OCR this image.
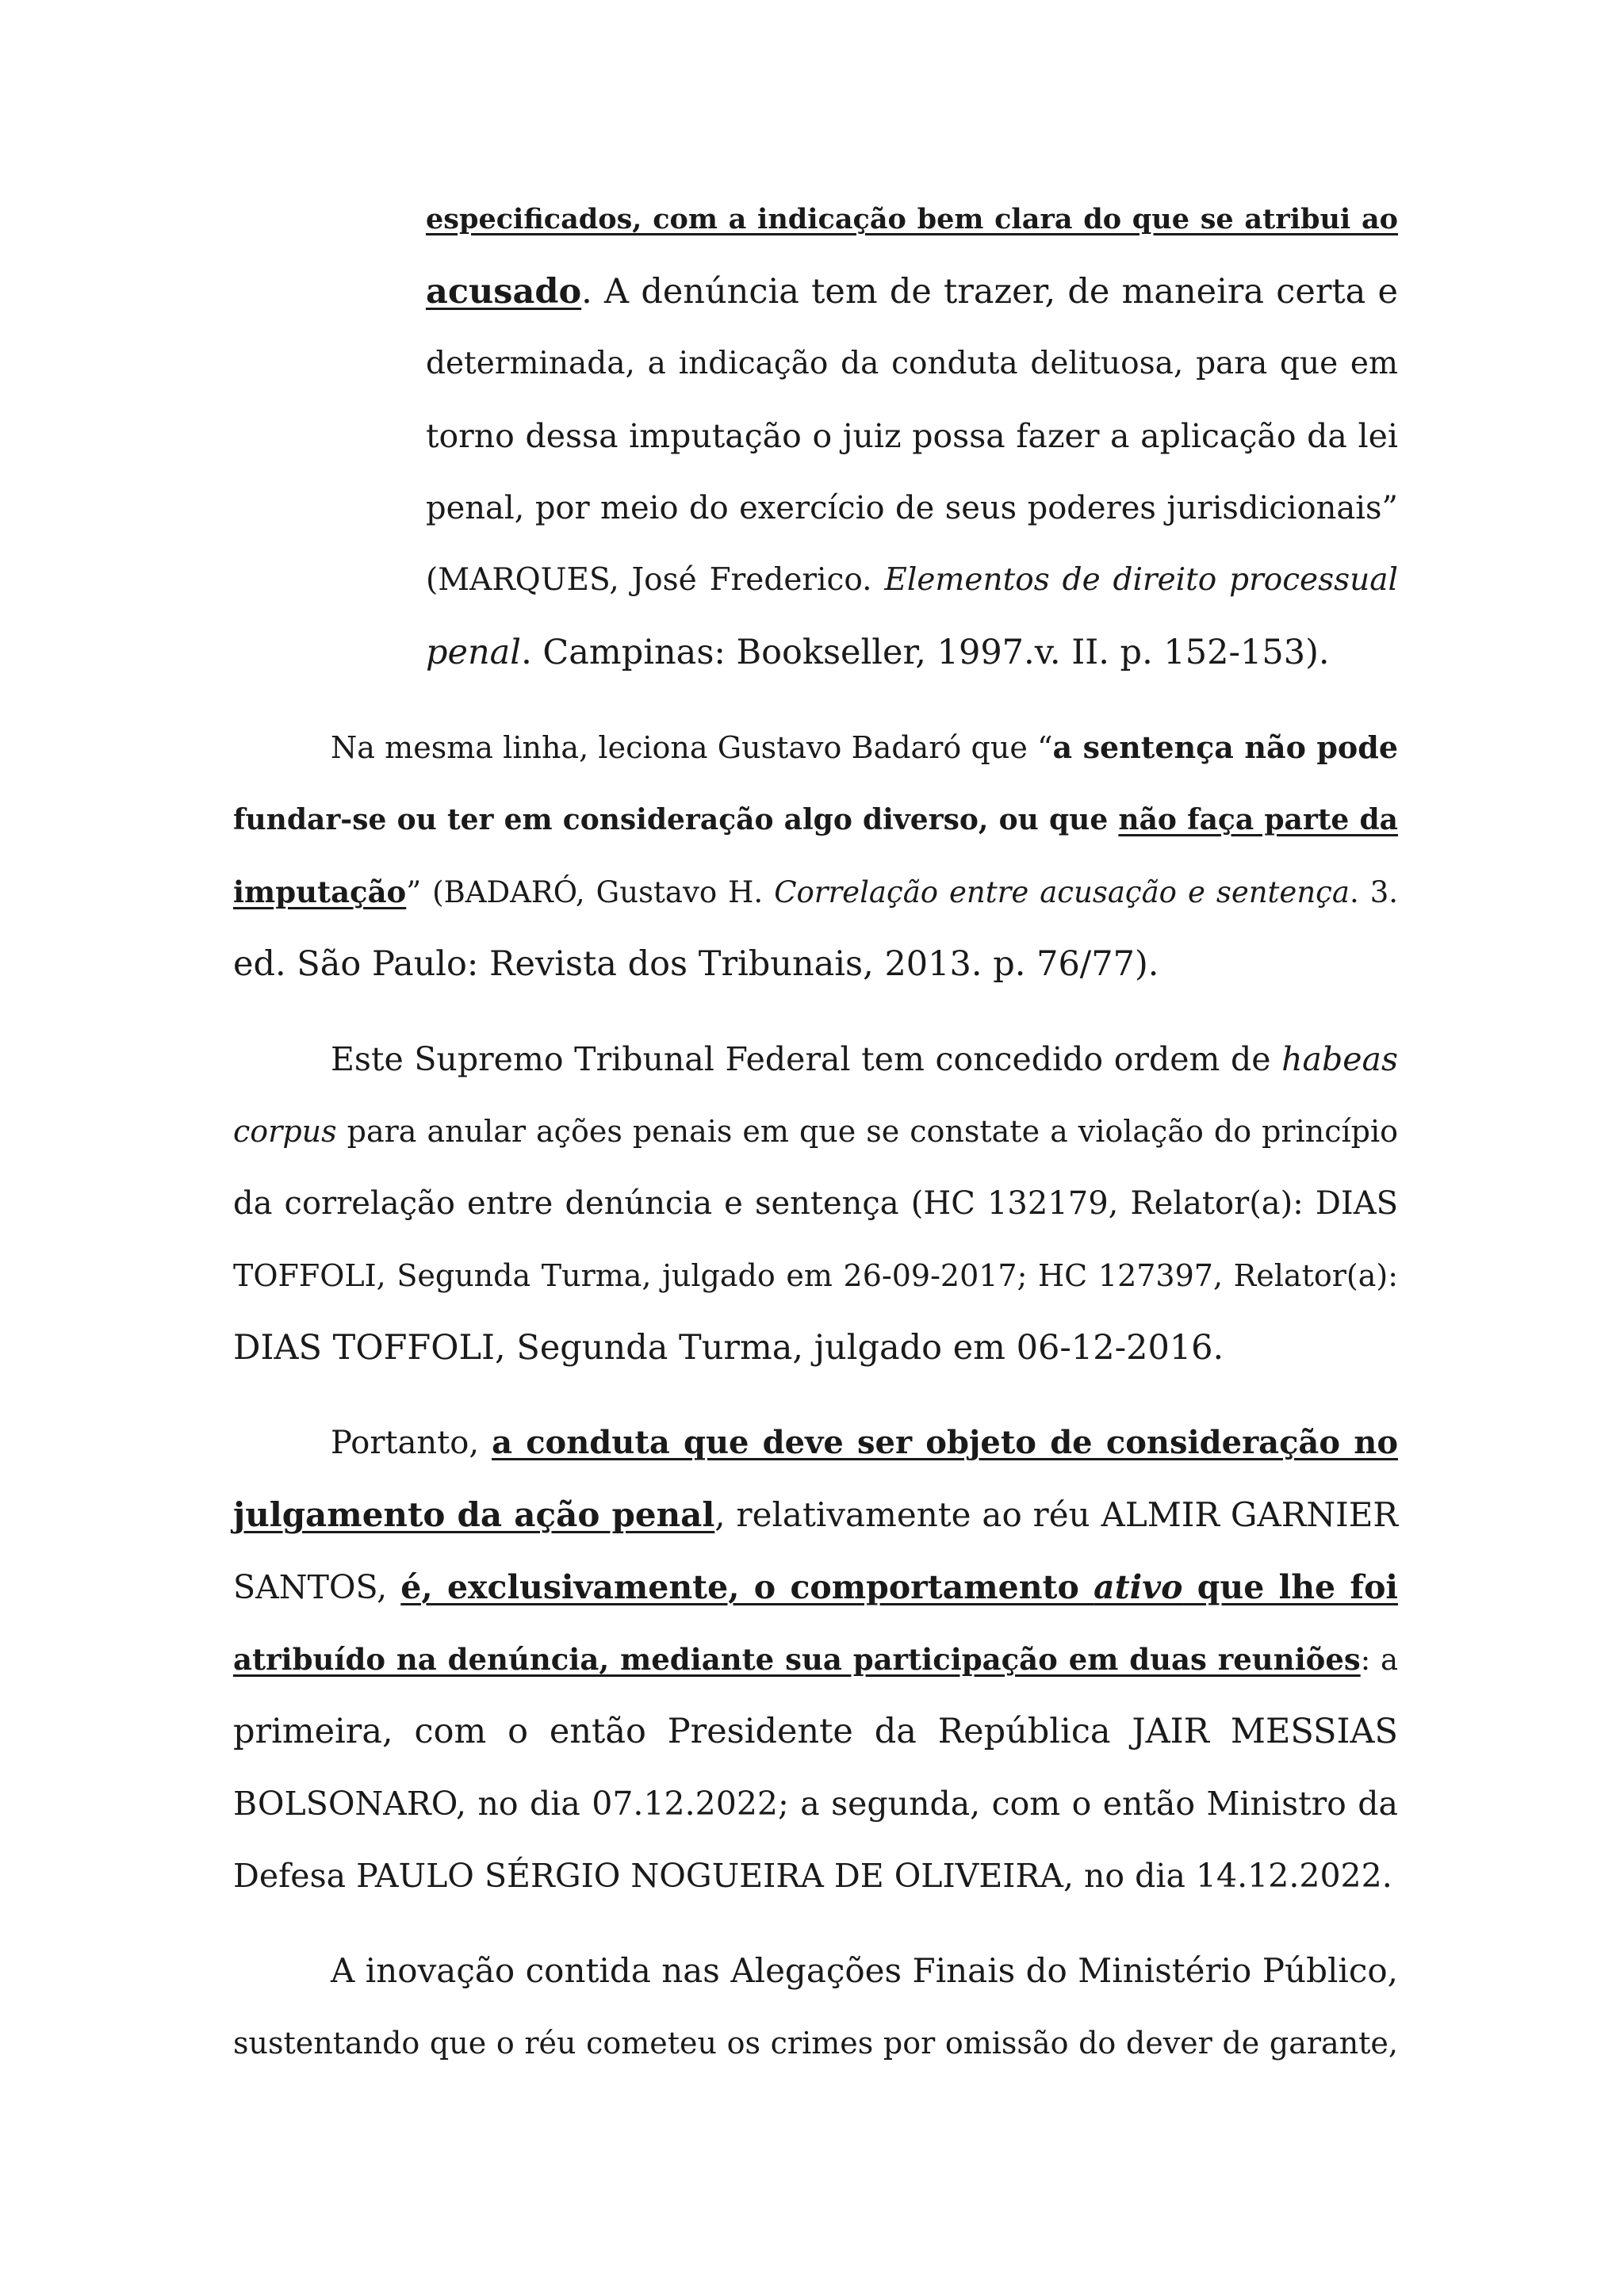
especificados, com a indicação bem clara do que se atribui ao
acusado. A denúncia tem de trazer, de maneira certa e
determinada, a indicação da conduta delituosa, para que em
torno dessa imputação o juiz possa fazer a aplicação da lei
penal, por meio do exercício de seus poderes jurisdicionais”
(MARQUES, José Frederico. Elementos de direito processual
penal. Campinas: Bookseller, 1997.v. II. p. 152-153).
Na mesma linha, leciona Gustavo Badaró que “a sentença não pode
fundar-se ou ter em consideração algo diverso, ou que não faça parte da
imputação” (BADARÓ, Gustavo H. Correlação entre acusação e sentença. 3.
ed. São Paulo: Revista dos Tribunais, 2013. p. 76/77).
Este Supremo Tribunal Federal tem concedido ordem de habeas
corpus para anular ações penais em que se constate a violação do princípio
da correlação entre denúncia e sentença (HC 132179, Relator(a): DIAS
TOFFOLI, Segunda Turma, julgado em 26-09-2017; HC 127397, Relator(a):
DIAS TOFFOLI, Segunda Turma, julgado em 06-12-2016.
Portanto, a conduta que deve ser objeto de consideração no
julgamento da ação penal, relativamente ao réu ALMIR GARNIER
SANTOS, é, exclusivamente, o comportamento ativo que lhe foi
atribuído na denúncia, mediante sua participação em duas reuniões: a
primeira, com o então Presidente da República JAIR MESSIAS
BOLSONARO, no dia 07.12.2022; a segunda, com o então Ministro da
Defesa PAULO SÉRGIO NOGUEIRA DE OLIVEIRA, no dia 14.12.2022.
A inovação contida nas Alegações Finais do Ministério Público,
sustentando que o réu cometeu os crimes por omissão do dever de garante,
